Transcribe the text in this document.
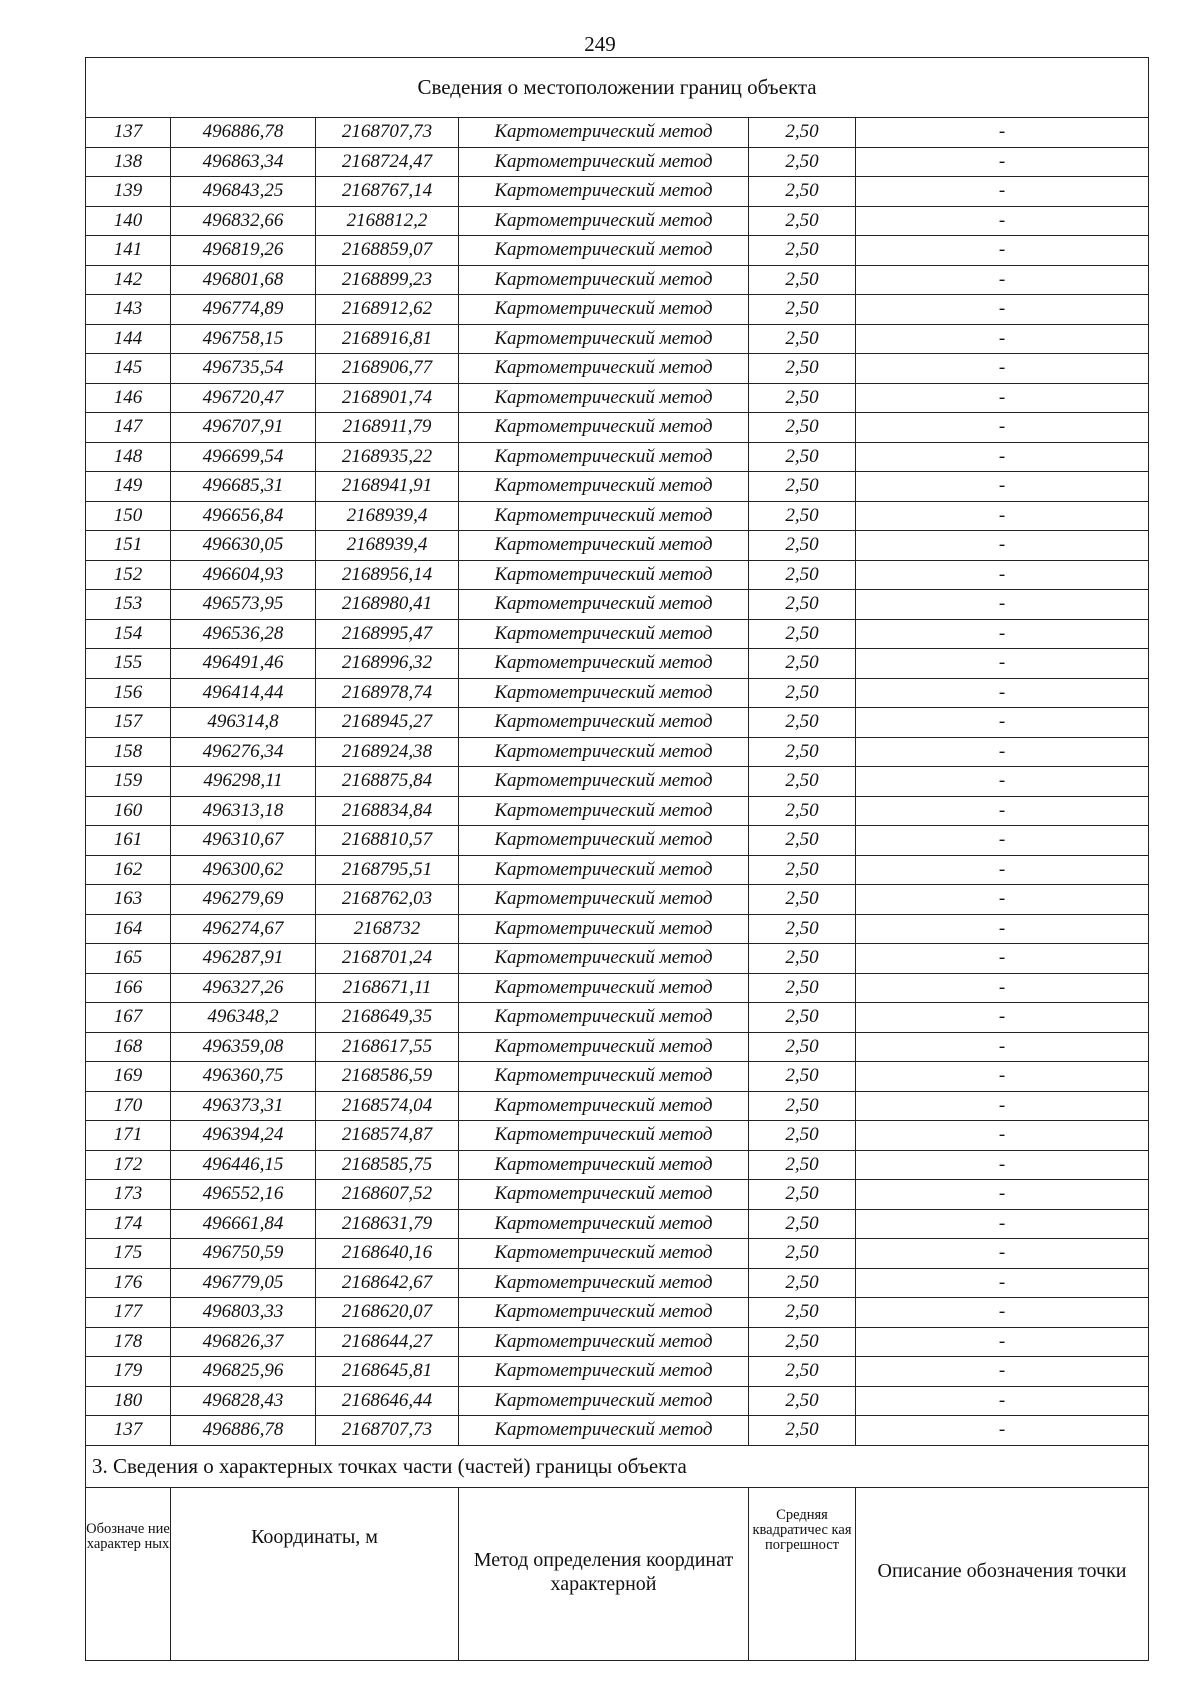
249
Сведения о местоположении границ объекта					
137	496886,78	2168707,73	Картометрический метод	2,50	-
138	496863,34	2168724,47	Картометрический метод	2,50	-
139	496843,25	2168767,14	Картометрический метод	2,50	-
140	496832,66	2168812,2	Картометрический метод	2,50	-
141	496819,26	2168859,07	Картометрический метод	2,50	-
142	496801,68	2168899,23	Картометрический метод	2,50	-
143	496774,89	2168912,62	Картометрический метод	2,50	-
144	496758,15	2168916,81	Картометрический метод	2,50	-
145	496735,54	2168906,77	Картометрический метод	2,50	-
146	496720,47	2168901,74	Картометрический метод	2,50	-
147	496707,91	2168911,79	Картометрический метод	2,50	-
148	496699,54	2168935,22	Картометрический метод	2,50	-
149	496685,31	2168941,91	Картометрический метод	2,50	-
150	496656,84	2168939,4	Картометрический метод	2,50	-
151	496630,05	2168939,4	Картометрический метод	2,50	-
152	496604,93	2168956,14	Картометрический метод	2,50	-
153	496573,95	2168980,41	Картометрический метод	2,50	-
154	496536,28	2168995,47	Картометрический метод	2,50	-
155	496491,46	2168996,32	Картометрический метод	2,50	-
156	496414,44	2168978,74	Картометрический метод	2,50	-
157	496314,8	2168945,27	Картометрический метод	2,50	-
158	496276,34	2168924,38	Картометрический метод	2,50	-
159	496298,11	2168875,84	Картометрический метод	2,50	-
160	496313,18	2168834,84	Картометрический метод	2,50	-
161	496310,67	2168810,57	Картометрический метод	2,50	-
162	496300,62	2168795,51	Картометрический метод	2,50	-
163	496279,69	2168762,03	Картометрический метод	2,50	-
164	496274,67	2168732	Картометрический метод	2,50	-
165	496287,91	2168701,24	Картометрический метод	2,50	-
166	496327,26	2168671,11	Картометрический метод	2,50	-
167	496348,2	2168649,35	Картометрический метод	2,50	-
168	496359,08	2168617,55	Картометрический метод	2,50	-
169	496360,75	2168586,59	Картометрический метод	2,50	-
170	496373,31	2168574,04	Картометрический метод	2,50	-
171	496394,24	2168574,87	Картометрический метод	2,50	-
172	496446,15	2168585,75	Картометрический метод	2,50	-
173	496552,16	2168607,52	Картометрический метод	2,50	-
174	496661,84	2168631,79	Картометрический метод	2,50	-
175	496750,59	2168640,16	Картометрический метод	2,50	-
176	496779,05	2168642,67	Картометрический метод	2,50	-
177	496803,33	2168620,07	Картометрический метод	2,50	-
178	496826,37	2168644,27	Картометрический метод	2,50	-
179	496825,96	2168645,81	Картометрический метод	2,50	-
180	496828,43	2168646,44	Картометрический метод	2,50	-
137	496886,78	2168707,73	Картометрический метод	2,50	-
3. Сведения о характерных точках части (частей) границы объекта					
Обозначе ние характер ных	Координаты, м		Метод определения координат характерной	Средняя квадратичес кая погрешност	Описание обозначения точки
